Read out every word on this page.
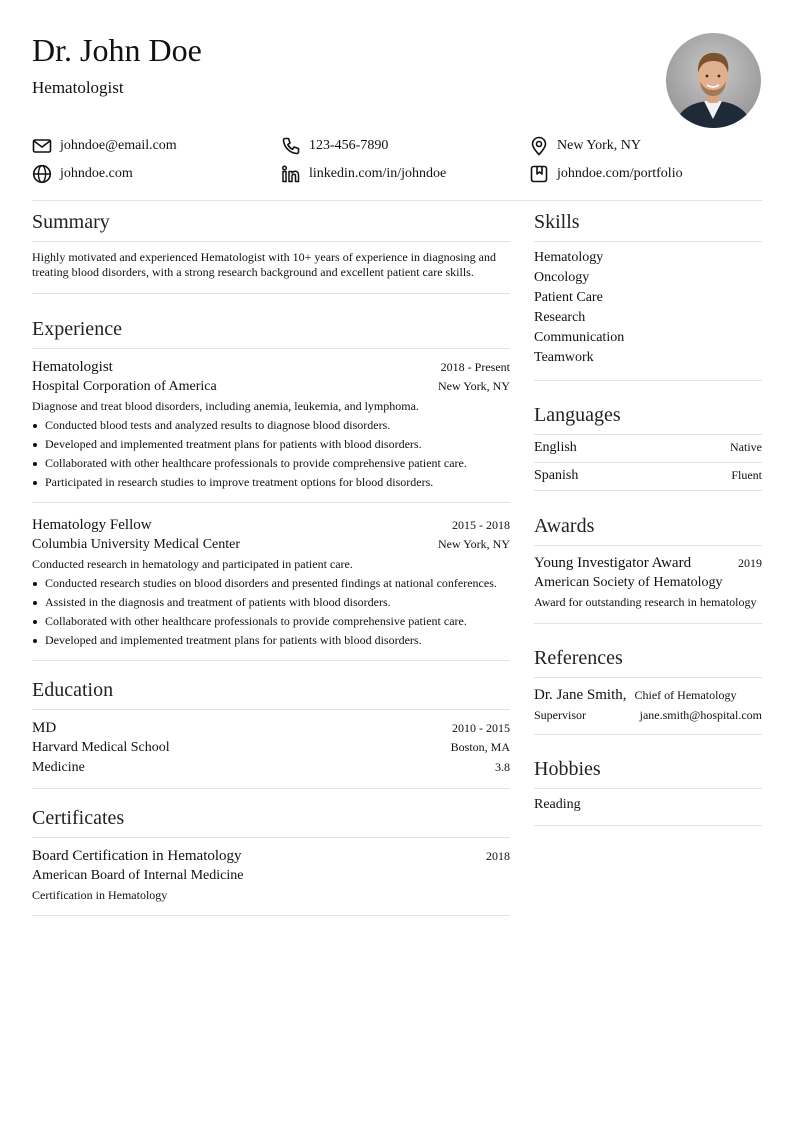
Dr. John Doe
Hematologist
johndoe@email.com	123-456-7890	New York, NY
johndoe.com	linkedin.com/in/johndoe	johndoe.com/portfolio
Summary
Highly motivated and experienced Hematologist with 10+ years of experience in diagnosing and treating blood disorders, with a strong research background and excellent patient care skills.
Experience
Hematologist	2018 - Present
Hospital Corporation of America	New York, NY
Diagnose and treat blood disorders, including anemia, leukemia, and lymphoma.
Conducted blood tests and analyzed results to diagnose blood disorders.
Developed and implemented treatment plans for patients with blood disorders.
Collaborated with other healthcare professionals to provide comprehensive patient care.
Participated in research studies to improve treatment options for blood disorders.
Hematology Fellow	2015 - 2018
Columbia University Medical Center	New York, NY
Conducted research in hematology and participated in patient care.
Conducted research studies on blood disorders and presented findings at national conferences.
Assisted in the diagnosis and treatment of patients with blood disorders.
Collaborated with other healthcare professionals to provide comprehensive patient care.
Developed and implemented treatment plans for patients with blood disorders.
Education
MD	2010 - 2015
Harvard Medical School	Boston, MA
Medicine	3.8
Certificates
Board Certification in Hematology	2018
American Board of Internal Medicine
Certification in Hematology
Skills
Hematology
Oncology
Patient Care
Research
Communication
Teamwork
Languages
English	Native
Spanish	Fluent
Awards
Young Investigator Award	2019
American Society of Hematology
Award for outstanding research in hematology
References
Dr. Jane Smith, Chief of Hematology
Supervisor	jane.smith@hospital.com
Hobbies
Reading
